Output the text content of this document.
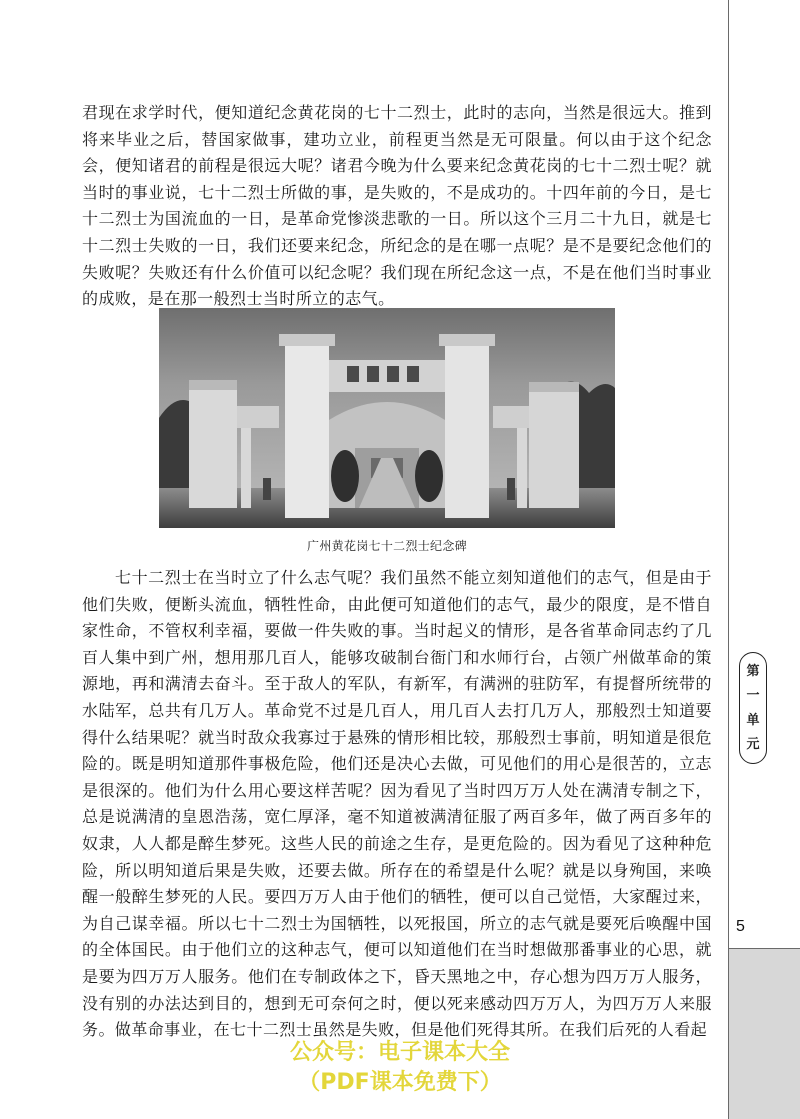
第
一
单
元
5

君现在求学时代，便知道纪念黄花岗的七十二烈士，此时的志向，当然是很远大。推到将来毕业之后，替国家做事，建功立业，前程更当然是无可限量。何以由于这个纪念会，便知诸君的前程是很远大呢？诸君今晚为什么要来纪念黄花岗的七十二烈士呢？就当时的事业说，七十二烈士所做的事，是失败的，不是成功的。十四年前的今日，是七十二烈士为国流血的一日，是革命党惨淡悲歌的一日。所以这个三月二十九日，就是七十二烈士失败的一日，我们还要来纪念，所纪念的是在哪一点呢？是不是要纪念他们的失败呢？失败还有什么价值可以纪念呢？我们现在所纪念这一点，不是在他们当时事业的成败，是在那一般烈士当时所立的志气。

广州黄花岗七十二烈士纪念碑

七十二烈士在当时立了什么志气呢？我们虽然不能立刻知道他们的志气，但是由于他们失败，便断头流血，牺牲性命，由此便可知道他们的志气，最少的限度，是不惜自家性命，不管权利幸福，要做一件失败的事。当时起义的情形，是各省革命同志约了几百人集中到广州，想用那几百人，能够攻破制台衙门和水师行台，占领广州做革命的策源地，再和满清去奋斗。至于敌人的军队，有新军，有满洲的驻防军，有提督所统带的水陆军，总共有几万人。革命党不过是几百人，用几百人去打几万人，那般烈士知道要得什么结果呢？就当时敌众我寡过于悬殊的情形相比较，那般烈士事前，明知道是很危险的。既是明知道那件事极危险，他们还是决心去做，可见他们的用心是很苦的，立志是很深的。他们为什么用心要这样苦呢？因为看见了当时四万万人处在满清专制之下，总是说满清的皇恩浩荡，宽仁厚泽，毫不知道被满清征服了两百多年，做了两百多年的奴隶，人人都是醉生梦死。这些人民的前途之生存，是更危险的。因为看见了这种种危险，所以明知道后果是失败，还要去做。所存在的希望是什么呢？就是以身殉国，来唤醒一般醉生梦死的人民。要四万万人由于他们的牺牲，便可以自己觉悟，大家醒过来，为自己谋幸福。所以七十二烈士为国牺牲，以死报国，所立的志气就是要死后唤醒中国的全体国民。由于他们立的这种志气，便可以知道他们在当时想做那番事业的心思，就是要为四万万人服务。他们在专制政体之下，昏天黑地之中，存心想为四万万人服务，没有别的办法达到目的，想到无可奈何之时，便以死来感动四万万人，为四万万人来服务。做革命事业，在七十二烈士虽然是失败，但是他们死得其所。在我们后死的人看起

公众号：电子课本大全
（PDF课本免费下）
